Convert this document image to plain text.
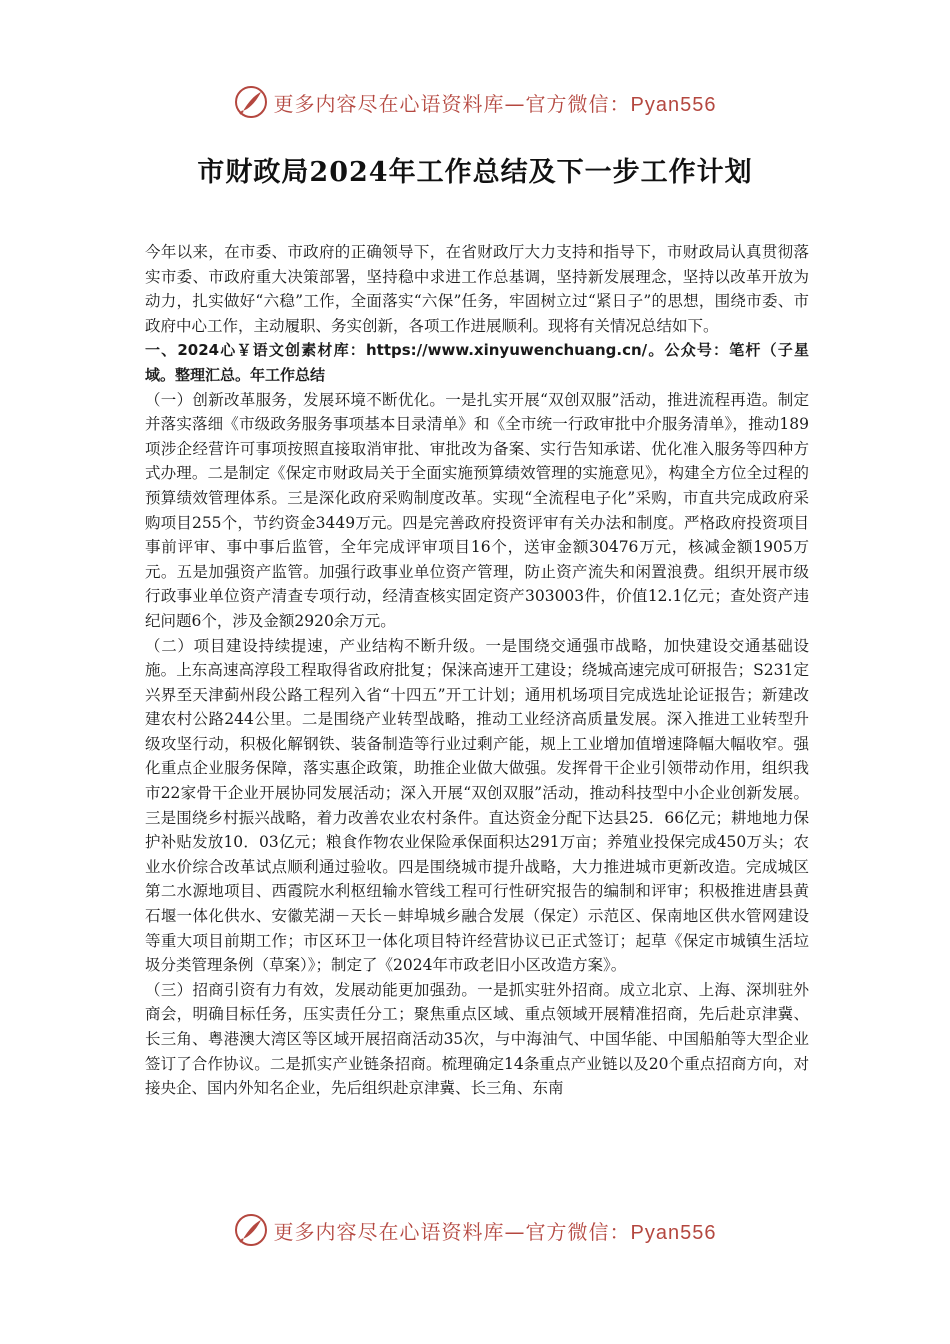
更多内容尽在心语资料库—官方微信：Pyan556
市财政局2024年工作总结及下一步工作计划

今年以来，在市委、市政府的正确领导下，在省财政厅大力支持和指导下，市财政局认真贯彻落实市委、市政府重大决策部署，坚持稳中求进工作总基调，坚持新发展理念，坚持以改革开放为动力，扎实做好“六稳”工作，全面落实“六保”任务，牢固树立过“紧日子”的思想，围绕市委、市政府中心工作，主动履职、务实创新，各项工作进展顺利。现将有关情况总结如下。

一、2024心￥语文创素材库：https://www.xinyuwenchuang.cn/。公众号：笔杆（子星域。整理汇总。年工作总结

（一）创新改革服务，发展环境不断优化。一是扎实开展“双创双服”活动，推进流程再造。制定并落实落细《市级政务服务事项基本目录清单》和《全市统一行政审批中介服务清单》，推动189项涉企经营许可事项按照直接取消审批、审批改为备案、实行告知承诺、优化准入服务等四种方式办理。二是制定《保定市财政局关于全面实施预算绩效管理的实施意见》，构建全方位全过程的预算绩效管理体系。三是深化政府采购制度改革。实现“全流程电子化”采购，市直共完成政府采购项目255个，节约资金3449万元。四是完善政府投资评审有关办法和制度。严格政府投资项目事前评审、事中事后监管，全年完成评审项目16个，送审金额30476万元，核减金额1905万元。五是加强资产监管。加强行政事业单位资产管理，防止资产流失和闲置浪费。组织开展市级行政事业单位资产清查专项行动，经清查核实固定资产303003件，价值12.1亿元；查处资产违纪问题6个，涉及金额2920余万元。

（二）项目建设持续提速，产业结构不断升级。一是围绕交通强市战略，加快建设交通基础设施。上东高速高淳段工程取得省政府批复；保涞高速开工建设；绕城高速完成可研报告；S231定兴界至天津蓟州段公路工程列入省“十四五”开工计划；通用机场项目完成选址论证报告；新建改建农村公路244公里。二是围绕产业转型战略，推动工业经济高质量发展。深入推进工业转型升级攻坚行动，积极化解钢铁、装备制造等行业过剩产能，规上工业增加值增速降幅大幅收窄。强化重点企业服务保障，落实惠企政策，助推企业做大做强。发挥骨干企业引领带动作用，组织我市22家骨干企业开展协同发展活动；深入开展“双创双服”活动，推动科技型中小企业创新发展。三是围绕乡村振兴战略，着力改善农业农村条件。直达资金分配下达县25．66亿元；耕地地力保护补贴发放10．03亿元；粮食作物农业保险承保面积达291万亩；养殖业投保完成450万头；农业水价综合改革试点顺利通过验收。四是围绕城市提升战略，大力推进城市更新改造。完成城区第二水源地项目、西霞院水利枢纽输水管线工程可行性研究报告的编制和评审；积极推进唐县黄石堰一体化供水、安徽芜湖－天长－蚌埠城乡融合发展（保定）示范区、保南地区供水管网建设等重大项目前期工作；市区环卫一体化项目特许经营协议已正式签订；起草《保定市城镇生活垃圾分类管理条例（草案）》；制定了《2024年市政老旧小区改造方案》。

（三）招商引资有力有效，发展动能更加强劲。一是抓实驻外招商。成立北京、上海、深圳驻外商会，明确目标任务，压实责任分工；聚焦重点区域、重点领域开展精准招商，先后赴京津冀、长三角、粤港澳大湾区等区域开展招商活动35次，与中海油气、中国华能、中国船舶等大型企业签订了合作协议。二是抓实产业链条招商。梳理确定14条重点产业链以及20个重点招商方向，对接央企、国内外知名企业，先后组织赴京津冀、长三角、东南

更多内容尽在心语资料库—官方微信：Pyan556
